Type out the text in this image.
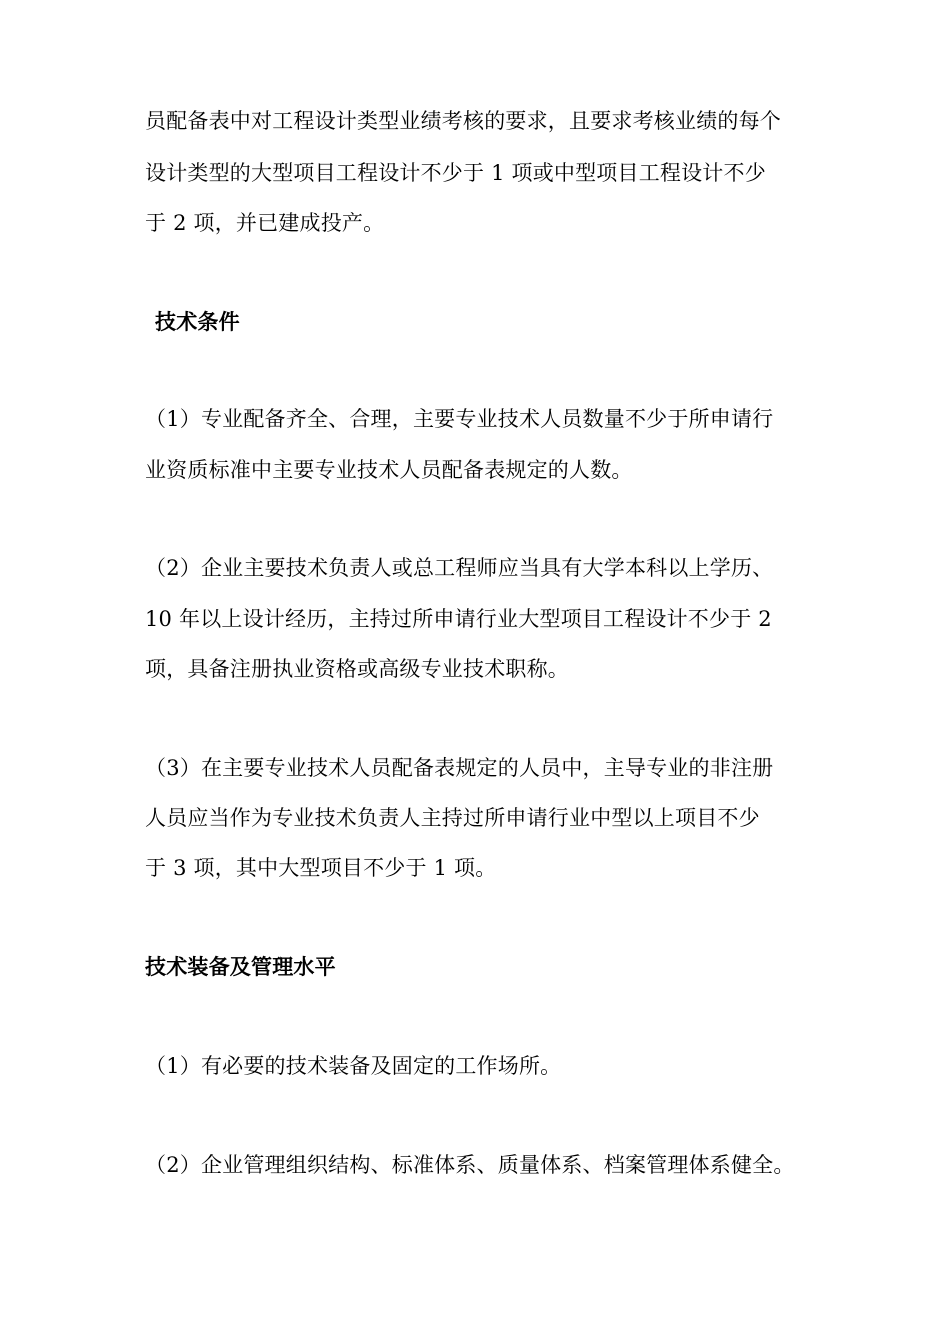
员配备表中对工程设计类型业绩考核的要求，且要求考核业绩的每个
设计类型的大型项目工程设计不少于 1 项或中型项目工程设计不少
于 2 项，并已建成投产。
技术条件
（1）专业配备齐全、合理，主要专业技术人员数量不少于所申请行
业资质标准中主要专业技术人员配备表规定的人数。
（2）企业主要技术负责人或总工程师应当具有大学本科以上学历、
10 年以上设计经历，主持过所申请行业大型项目工程设计不少于 2
项，具备注册执业资格或高级专业技术职称。
（3）在主要专业技术人员配备表规定的人员中，主导专业的非注册
人员应当作为专业技术负责人主持过所申请行业中型以上项目不少
于 3 项，其中大型项目不少于 1 项。
技术装备及管理水平
（1）有必要的技术装备及固定的工作场所。
（2）企业管理组织结构、标准体系、质量体系、档案管理体系健全。
